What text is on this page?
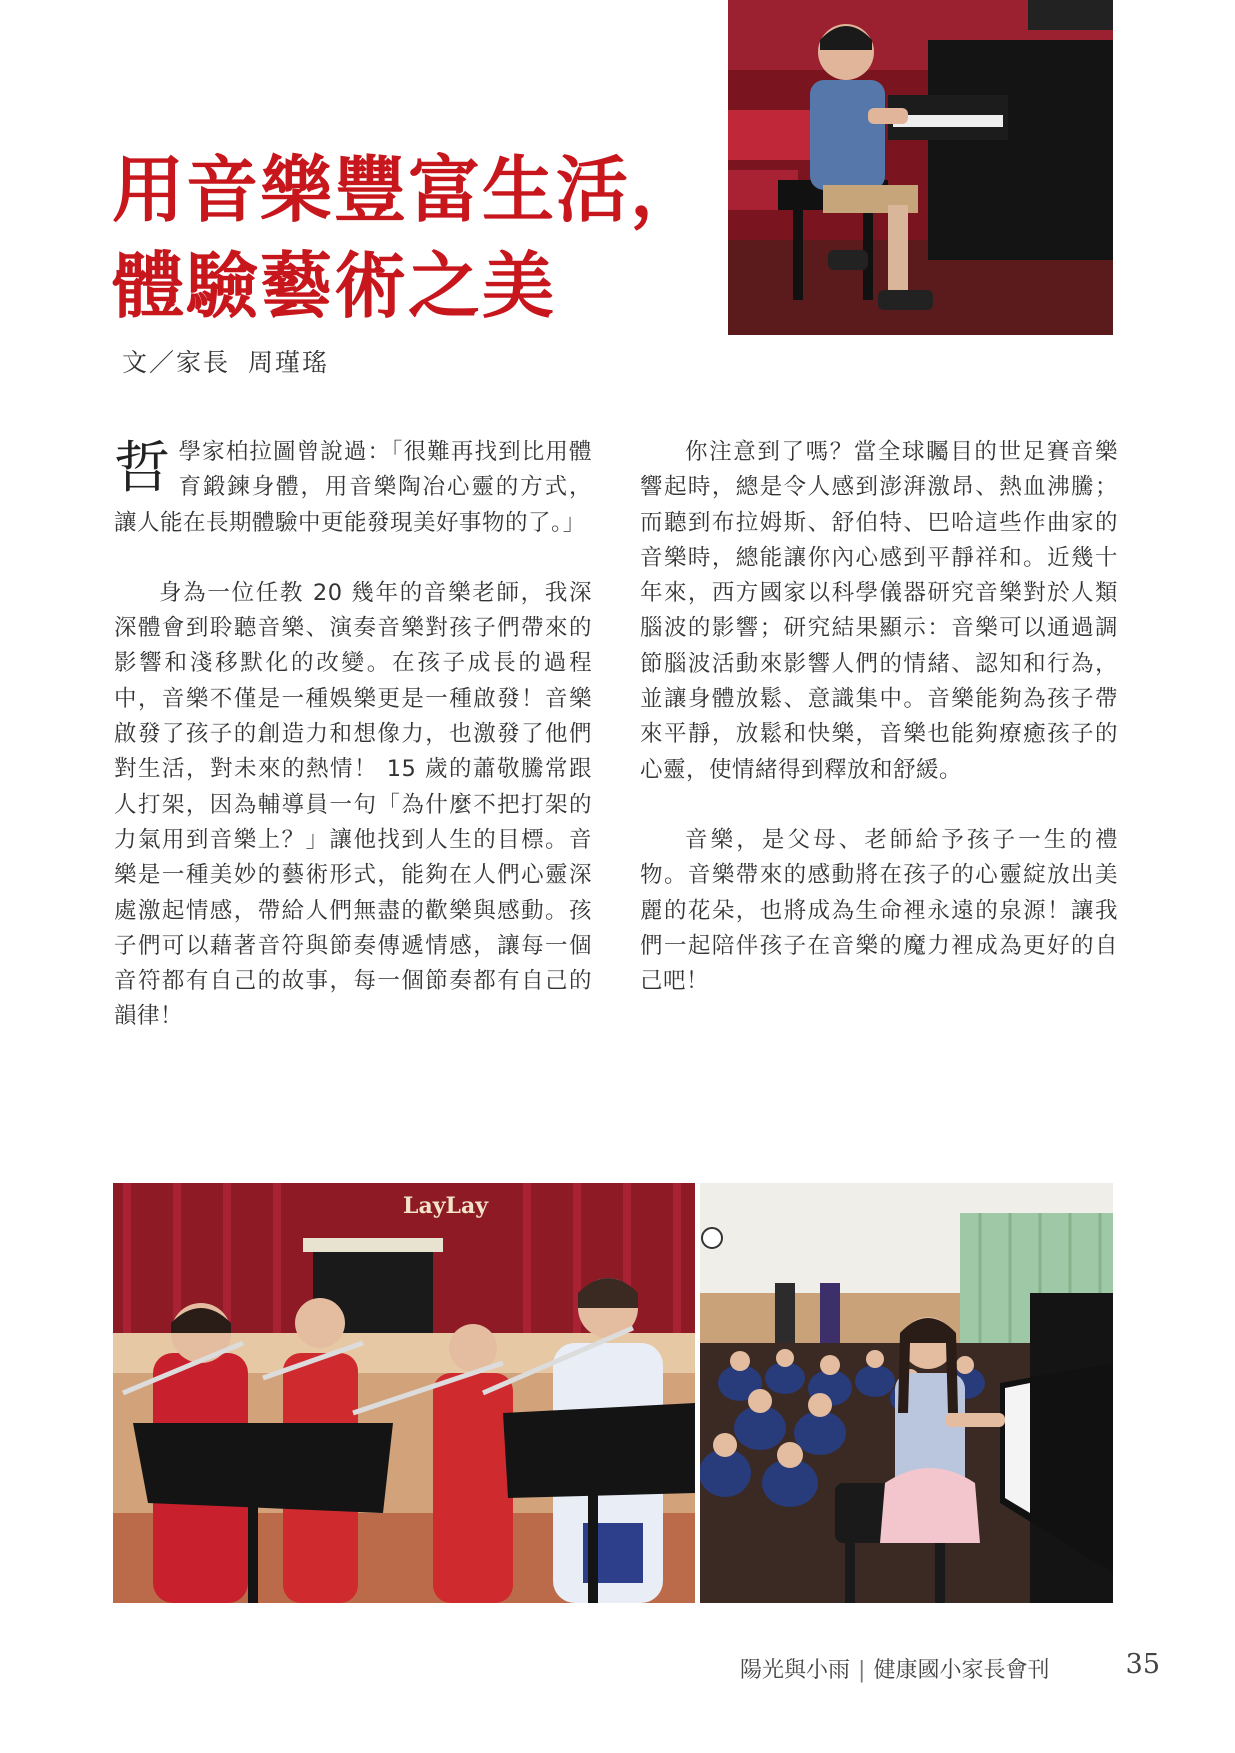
用音樂豐富生活，
體驗藝術之美
文／家長 周瑾瑤

哲學家柏拉圖曾說過：「很難再找到比用體育鍛鍊身體，用音樂陶冶心靈的方式，讓人能在長期體驗中更能發現美好事物的了。」

身為一位任教 20 幾年的音樂老師，我深深體會到聆聽音樂、演奏音樂對孩子們帶來的影響和淺移默化的改變。在孩子成長的過程中，音樂不僅是一種娛樂更是一種啟發！音樂啟發了孩子的創造力和想像力，也激發了他們對生活，對未來的熱情！ 15 歲的蕭敬騰常跟人打架，因為輔導員一句「為什麼不把打架的力氣用到音樂上？」讓他找到人生的目標。音樂是一種美妙的藝術形式，能夠在人們心靈深處激起情感，帶給人們無盡的歡樂與感動。孩子們可以藉著音符與節奏傳遞情感，讓每一個音符都有自己的故事，每一個節奏都有自己的韻律！

你注意到了嗎？當全球矚目的世足賽音樂響起時，總是令人感到澎湃激昂、熱血沸騰；而聽到布拉姆斯、舒伯特、巴哈這些作曲家的音樂時，總能讓你內心感到平靜祥和。近幾十年來，西方國家以科學儀器研究音樂對於人類腦波的影響；研究結果顯示：音樂可以通過調節腦波活動來影響人們的情緒、認知和行為，並讓身體放鬆、意識集中。音樂能夠為孩子帶來平靜，放鬆和快樂，音樂也能夠療癒孩子的心靈，使情緒得到釋放和舒緩。

音樂，是父母、老師給予孩子一生的禮物。音樂帶來的感動將在孩子的心靈綻放出美麗的花朵，也將成為生命裡永遠的泉源！讓我們一起陪伴孩子在音樂的魔力裡成為更好的自己吧！

LayLay
陽光與小雨 | 健康國小家長會刊	35
